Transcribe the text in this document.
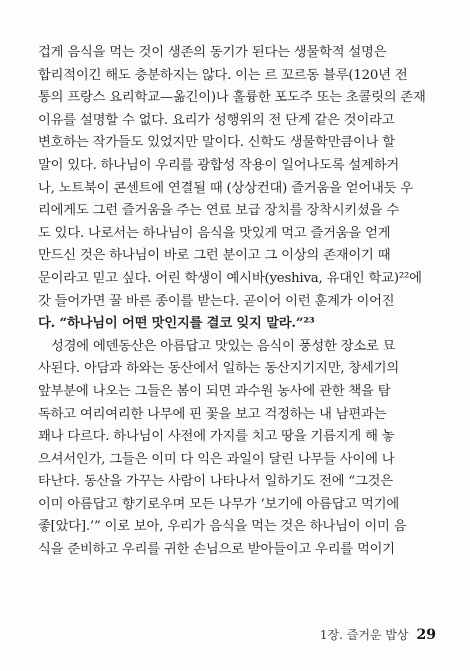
겁게 음식을 먹는 것이 생존의 동기가 된다는 생물학적 설명은
합리적이긴 해도 충분하지는 않다. 이는 르 꼬르동 블루(120년 전
통의 프랑스 요리학교—옮긴이)나 훌륭한 포도주 또는 초콜릿의 존재
이유를 설명할 수 없다. 요리가 성행위의 전 단계 같은 것이라고
변호하는 작가들도 있었지만 말이다. 신학도 생물학만큼이나 할
말이 있다. 하나님이 우리를 광합성 작용이 일어나도록 설계하거
나, 노트북이 콘센트에 연결될 때 (상상컨대) 즐거움을 얻어내듯 우
리에게도 그런 즐거움을 주는 연료 보급 장치를 장착시키셨을 수
도 있다. 나로서는 하나님이 음식을 맛있게 먹고 즐거움을 얻게
만드신 것은 하나님이 바로 그런 분이고 그 이상의 존재이기 때
문이라고 믿고 싶다. 어린 학생이 예시바(yeshiva, 유대인 학교)²²에
갓 들어가면 꿀 바른 종이를 받는다. 곧이어 이런 훈계가 이어진
다. “하나님이 어떤 맛인지를 결코 잊지 말라.”²³
성경에 에덴동산은 아름답고 맛있는 음식이 풍성한 장소로 묘
사된다. 아담과 하와는 동산에서 일하는 동산지기지만, 창세기의
앞부분에 나오는 그들은 봄이 되면 과수원 농사에 관한 책을 탐
독하고 여리여리한 나무에 핀 꽃을 보고 걱정하는 내 남편과는
꽤나 다르다. 하나님이 사전에 가지를 치고 땅을 기름지게 해 놓
으셔서인가, 그들은 이미 다 익은 과일이 달린 나무들 사이에 나
타난다. 동산을 가꾸는 사람이 나타나서 일하기도 전에 “그것은
이미 아름답고 향기로우며 모든 나무가 ‘보기에 아름답고 먹기에
좋[았다].’” 이로 보아, 우리가 음식을 먹는 것은 하나님이 이미 음
식을 준비하고 우리를 귀한 손님으로 받아들이고 우리를 먹이기
1장. 즐거운 밥상 29
